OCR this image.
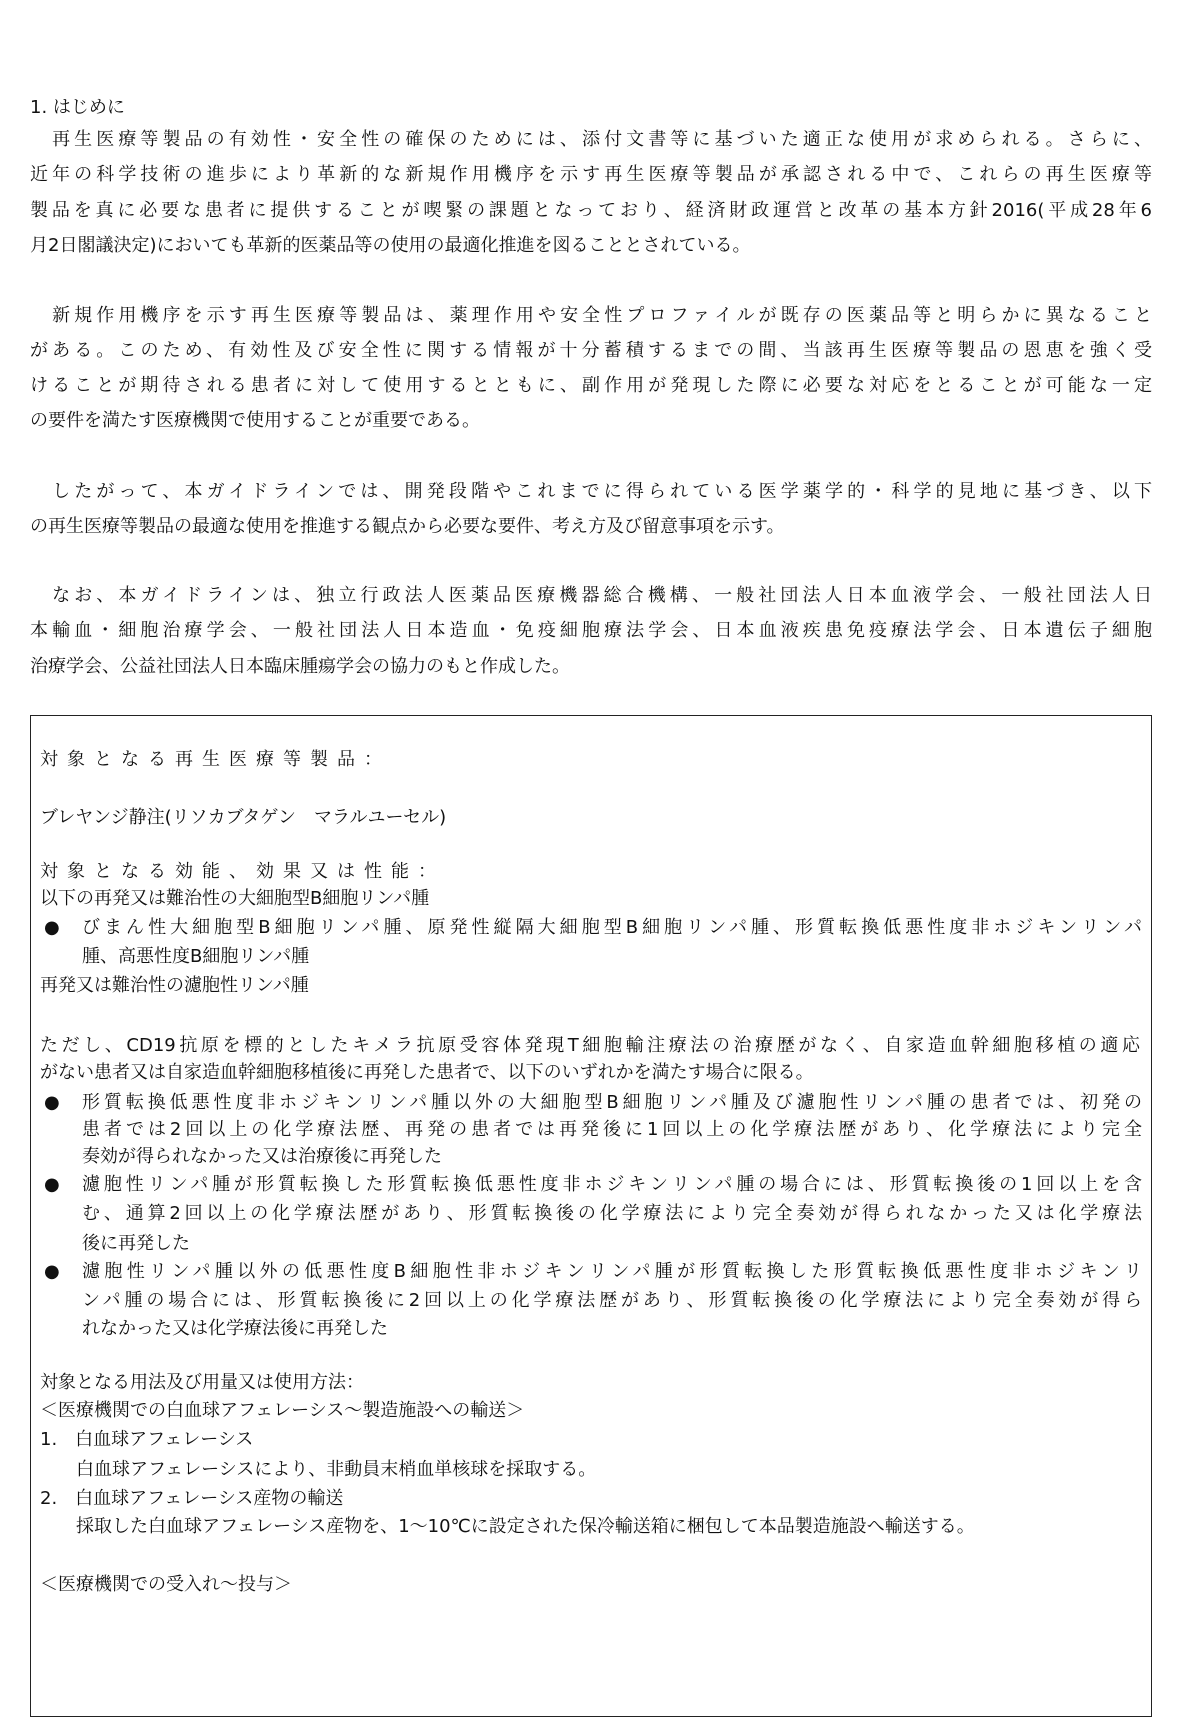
1. はじめに
　再生医療等製品の有効性・安全性の確保のためには、添付文書等に基づいた適正な使用が求められる。さらに、
近年の科学技術の進歩により革新的な新規作用機序を示す再生医療等製品が承認される中で、これらの再生医療等
製品を真に必要な患者に提供することが喫緊の課題となっており、経済財政運営と改革の基本方針2016(平成28年6
月2日閣議決定)においても革新的医薬品等の使用の最適化推進を図ることとされている。
　新規作用機序を示す再生医療等製品は、薬理作用や安全性プロファイルが既存の医薬品等と明らかに異なること
がある。このため、有効性及び安全性に関する情報が十分蓄積するまでの間、当該再生医療等製品の恩恵を強く受
けることが期待される患者に対して使用するとともに、副作用が発現した際に必要な対応をとることが可能な一定
の要件を満たす医療機関で使用することが重要である。
　したがって、本ガイドラインでは、開発段階やこれまでに得られている医学薬学的・科学的見地に基づき、以下
の再生医療等製品の最適な使用を推進する観点から必要な要件、考え方及び留意事項を示す。
　なお、本ガイドラインは、独立行政法人医薬品医療機器総合機構、一般社団法人日本血液学会、一般社団法人日
本輸血・細胞治療学会、一般社団法人日本造血・免疫細胞療法学会、日本血液疾患免疫療法学会、日本遺伝子細胞
治療学会、公益社団法人日本臨床腫瘍学会の協力のもと作成した。
対象となる再生医療等製品：
ブレヤンジ静注(リソカブタゲン　マラルユーセル)
対象となる効能、効果又は性能：
以下の再発又は難治性の大細胞型B細胞リンパ腫
● びまん性大細胞型B細胞リンパ腫、原発性縦隔大細胞型B細胞リンパ腫、形質転換低悪性度非ホジキンリンパ
腫、高悪性度B細胞リンパ腫
再発又は難治性の濾胞性リンパ腫
ただし、CD19抗原を標的としたキメラ抗原受容体発現T細胞輸注療法の治療歴がなく、自家造血幹細胞移植の適応
がない患者又は自家造血幹細胞移植後に再発した患者で、以下のいずれかを満たす場合に限る。
● 形質転換低悪性度非ホジキンリンパ腫以外の大細胞型B細胞リンパ腫及び濾胞性リンパ腫の患者では、初発の
患者では2回以上の化学療法歴、再発の患者では再発後に1回以上の化学療法歴があり、化学療法により完全
奏効が得られなかった又は治療後に再発した
● 濾胞性リンパ腫が形質転換した形質転換低悪性度非ホジキンリンパ腫の場合には、形質転換後の1回以上を含
む、通算2回以上の化学療法歴があり、形質転換後の化学療法により完全奏効が得られなかった又は化学療法
後に再発した
● 濾胞性リンパ腫以外の低悪性度B細胞性非ホジキンリンパ腫が形質転換した形質転換低悪性度非ホジキンリ
ンパ腫の場合には、形質転換後に2回以上の化学療法歴があり、形質転換後の化学療法により完全奏効が得ら
れなかった又は化学療法後に再発した
対象となる用法及び用量又は使用方法：
＜医療機関での白血球アフェレーシス～製造施設への輸送＞
1.　白血球アフェレーシス
白血球アフェレーシスにより、非動員末梢血単核球を採取する。
2.　白血球アフェレーシス産物の輸送
採取した白血球アフェレーシス産物を、1～10℃に設定された保冷輸送箱に梱包して本品製造施設へ輸送する。
＜医療機関での受入れ～投与＞
